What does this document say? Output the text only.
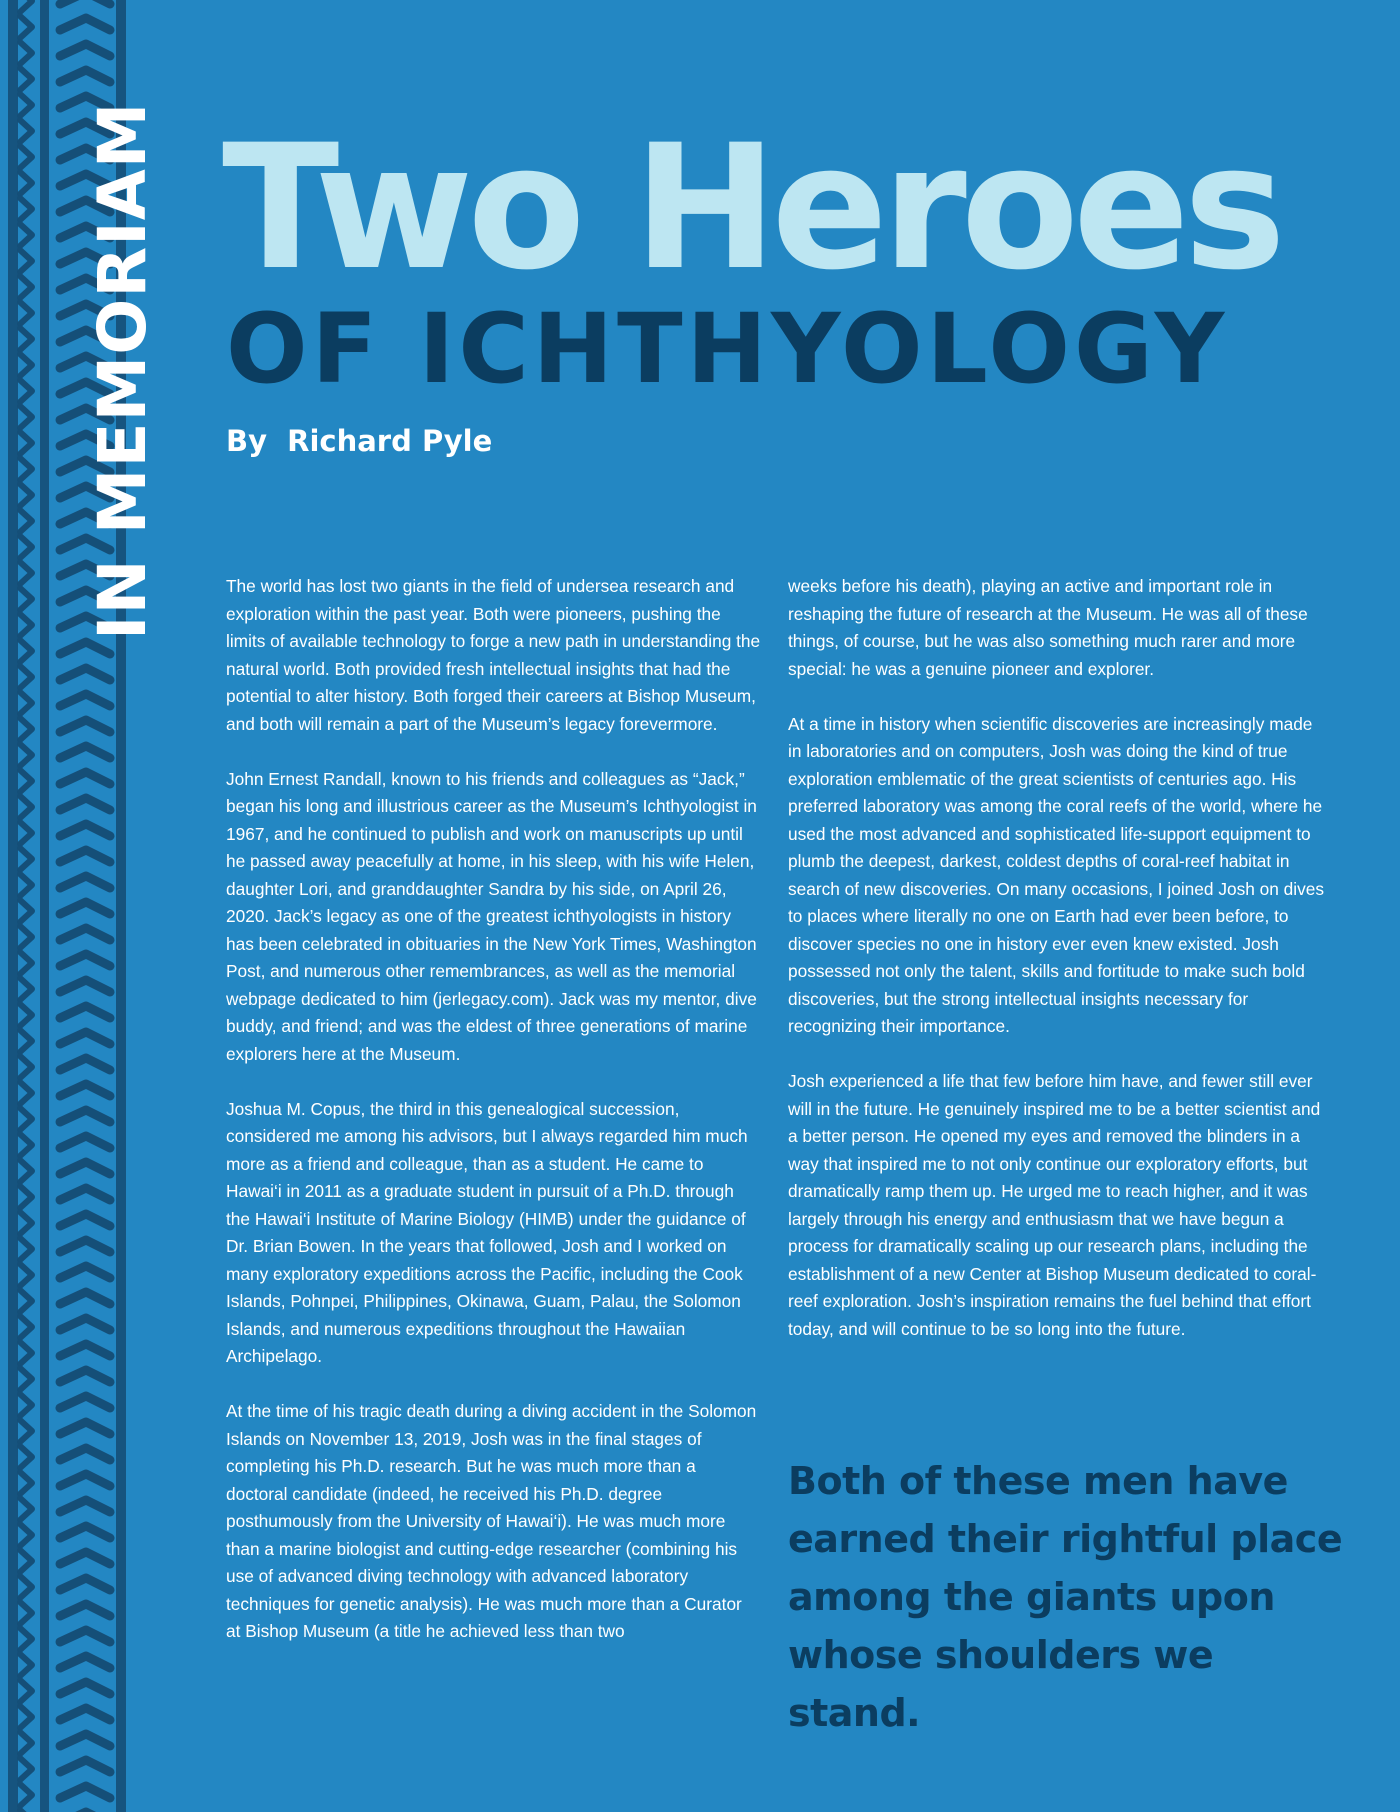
IN MEMORIAM Two Heroes
OF ICHTHYOLOGY
By Richard Pyle

The world has lost two giants in the field of undersea research and exploration within the past year. Both were pioneers, pushing the limits of available technology to forge a new path in understanding the natural world. Both provided fresh intellectual insights that had the potential to alter history. Both forged their careers at Bishop Museum, and both will remain a part of the Museum’s legacy forevermore.

John Ernest Randall, known to his friends and colleagues as “Jack,” began his long and illustrious career as the Museum’s Ichthyologist in 1967, and he continued to publish and work on manuscripts up until he passed away peacefully at home, in his sleep, with his wife Helen, daughter Lori, and granddaughter Sandra by his side, on April 26, 2020. Jack’s legacy as one of the greatest ichthyologists in history has been celebrated in obituaries in the New York Times, Washington Post, and numerous other remembrances, as well as the memorial webpage dedicated to him (jerlegacy.com). Jack was my mentor, dive buddy, and friend; and was the eldest of three generations of marine explorers here at the Museum.

Joshua M. Copus, the third in this genealogical succession, considered me among his advisors, but I always regarded him much more as a friend and colleague, than as a student. He came to Hawai‘i in 2011 as a graduate student in pursuit of a Ph.D. through the Hawai‘i Institute of Marine Biology (HIMB) under the guidance of Dr. Brian Bowen. In the years that followed, Josh and I worked on many exploratory expeditions across the Pacific, including the Cook Islands, Pohnpei, Philippines, Okinawa, Guam, Palau, the Solomon Islands, and numerous expeditions throughout the Hawaiian Archipelago.

At the time of his tragic death during a diving accident in the Solomon Islands on November 13, 2019, Josh was in the final stages of completing his Ph.D. research. But he was much more than a doctoral candidate (indeed, he received his Ph.D. degree posthumously from the University of Hawai‘i). He was much more than a marine biologist and cutting-edge researcher (combining his use of advanced diving technology with advanced laboratory techniques for genetic analysis). He was much more than a Curator at Bishop Museum (a title he achieved less than two

weeks before his death), playing an active and important role in reshaping the future of research at the Museum. He was all of these things, of course, but he was also something much rarer and more special: he was a genuine pioneer and explorer.

At a time in history when scientific discoveries are increasingly made in laboratories and on computers, Josh was doing the kind of true exploration emblematic of the great scientists of centuries ago. His preferred laboratory was among the coral reefs of the world, where he used the most advanced and sophisticated life-support equipment to plumb the deepest, darkest, coldest depths of coral-reef habitat in search of new discoveries. On many occasions, I joined Josh on dives to places where literally no one on Earth had ever been before, to discover species no one in history ever even knew existed. Josh possessed not only the talent, skills and fortitude to make such bold discoveries, but the strong intellectual insights necessary for recognizing their importance.

Josh experienced a life that few before him have, and fewer still ever will in the future. He genuinely inspired me to be a better scientist and a better person. He opened my eyes and removed the blinders in a way that inspired me to not only continue our exploratory efforts, but dramatically ramp them up. He urged me to reach higher, and it was largely through his energy and enthusiasm that we have begun a process for dramatically scaling up our research plans, including the establishment of a new Center at Bishop Museum dedicated to coral-reef exploration. Josh’s inspiration remains the fuel behind that effort today, and will continue to be so long into the future.

Both of these men have earned their rightful place among the giants upon whose shoulders we stand.
